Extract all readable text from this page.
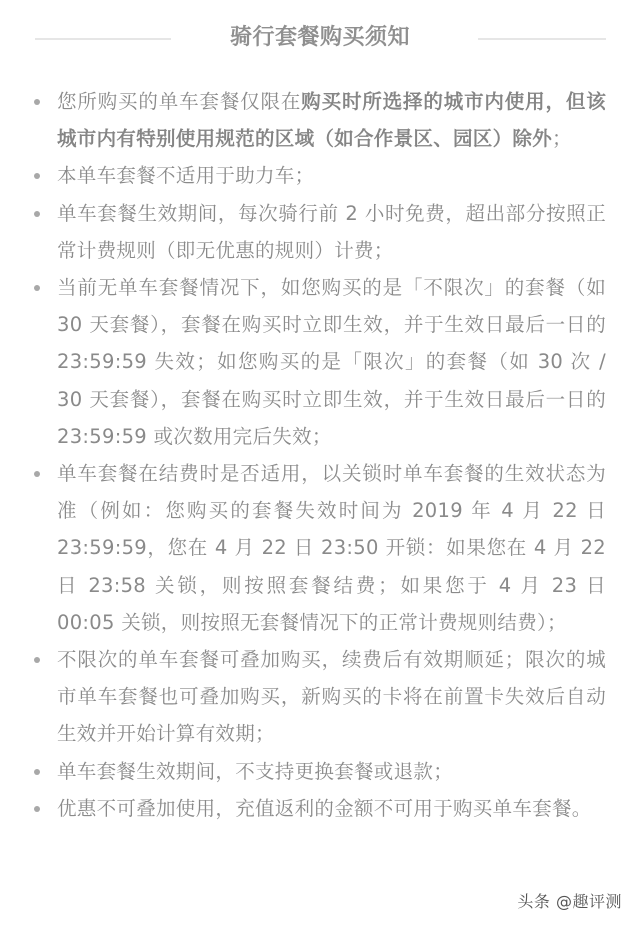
骑行套餐购买须知
您所购买的单车套餐仅限在购买时所选择的城市内使用，但该城市内有特别使用规范的区域（如合作景区、园区）除外；
本单车套餐不适用于助力车；
单车套餐生效期间，每次骑行前 2 小时免费，超出部分按照正常计费规则（即无优惠的规则）计费；
当前无单车套餐情况下，如您购买的是「不限次」的套餐（如 30 天套餐），套餐在购买时立即生效，并于生效日最后一日的 23:59:59 失效；如您购买的是「限次」的套餐（如 30 次 / 30 天套餐），套餐在购买时立即生效，并于生效日最后一日的 23:59:59 或次数用完后失效；
单车套餐在结费时是否适用，以关锁时单车套餐的生效状态为准（例如：您购买的套餐失效时间为 2019 年 4 月 22 日 23:59:59，您在 4 月 22 日 23:50 开锁：如果您在 4 月 22 日 23:58 关锁，则按照套餐结费；如果您于 4 月 23 日 00:05 关锁，则按照无套餐情况下的正常计费规则结费）；
不限次的单车套餐可叠加购买，续费后有效期顺延；限次的城市单车套餐也可叠加购买，新购买的卡将在前置卡失效后自动生效并开始计算有效期；
单车套餐生效期间，不支持更换套餐或退款；
优惠不可叠加使用，充值返利的金额不可用于购买单车套餐。
头条 @趣评测
